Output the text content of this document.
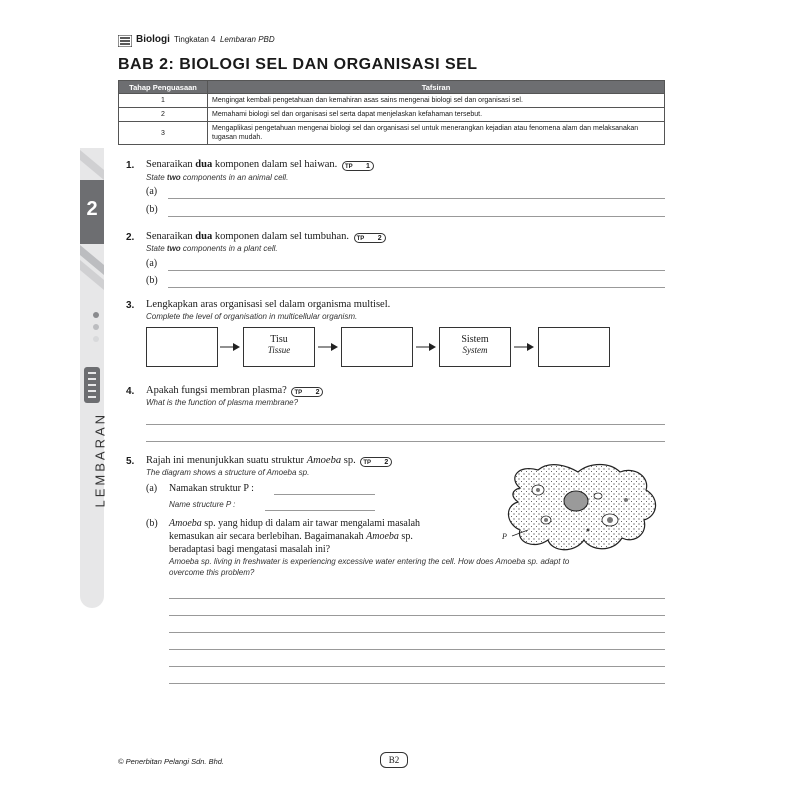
Biologi Tingkatan 4 Lembaran PBD
BAB 2: BIOLOGI SEL DAN ORGANISASI SEL
Tahap Penguasaan	Tafsiran
1	Mengingat kembali pengetahuan dan kemahiran asas sains mengenai biologi sel dan organisasi sel.
2	Memahami biologi sel dan organisasi sel serta dapat menjelaskan kefahaman tersebut.
3	Mengaplikasi pengetahuan mengenai biologi sel dan organisasi sel untuk menerangkan kejadian atau fenomena alam dan melaksanakan tugasan mudah.
2
LEMBARAN
1. Senaraikan dua komponen dalam sel haiwan. TP 1
State two components in an animal cell.
(a)
(b)
2. Senaraikan dua komponen dalam sel tumbuhan. TP 2
State two components in a plant cell.
(a)
(b)
3. Lengkapkan aras organisasi sel dalam organisma multisel.
Complete the level of organisation in multicellular organism.
Tisu
Tissue
Sistem
System
4. Apakah fungsi membran plasma? TP 2
What is the function of plasma membrane?
5. Rajah ini menunjukkan suatu struktur Amoeba sp. TP 2
The diagram shows a structure of Amoeba sp.
(a) Namakan struktur P :
Name structure P :
P
(b) Amoeba sp. yang hidup di dalam air tawar mengalami masalah
kemasukan air secara berlebihan. Bagaimanakah Amoeba sp.
beradaptasi bagi mengatasi masalah ini?
Amoeba sp. living in freshwater is experiencing excessive water entering the cell. How does Amoeba sp. adapt to
overcome this problem?
© Penerbitan Pelangi Sdn. Bhd.	B2
